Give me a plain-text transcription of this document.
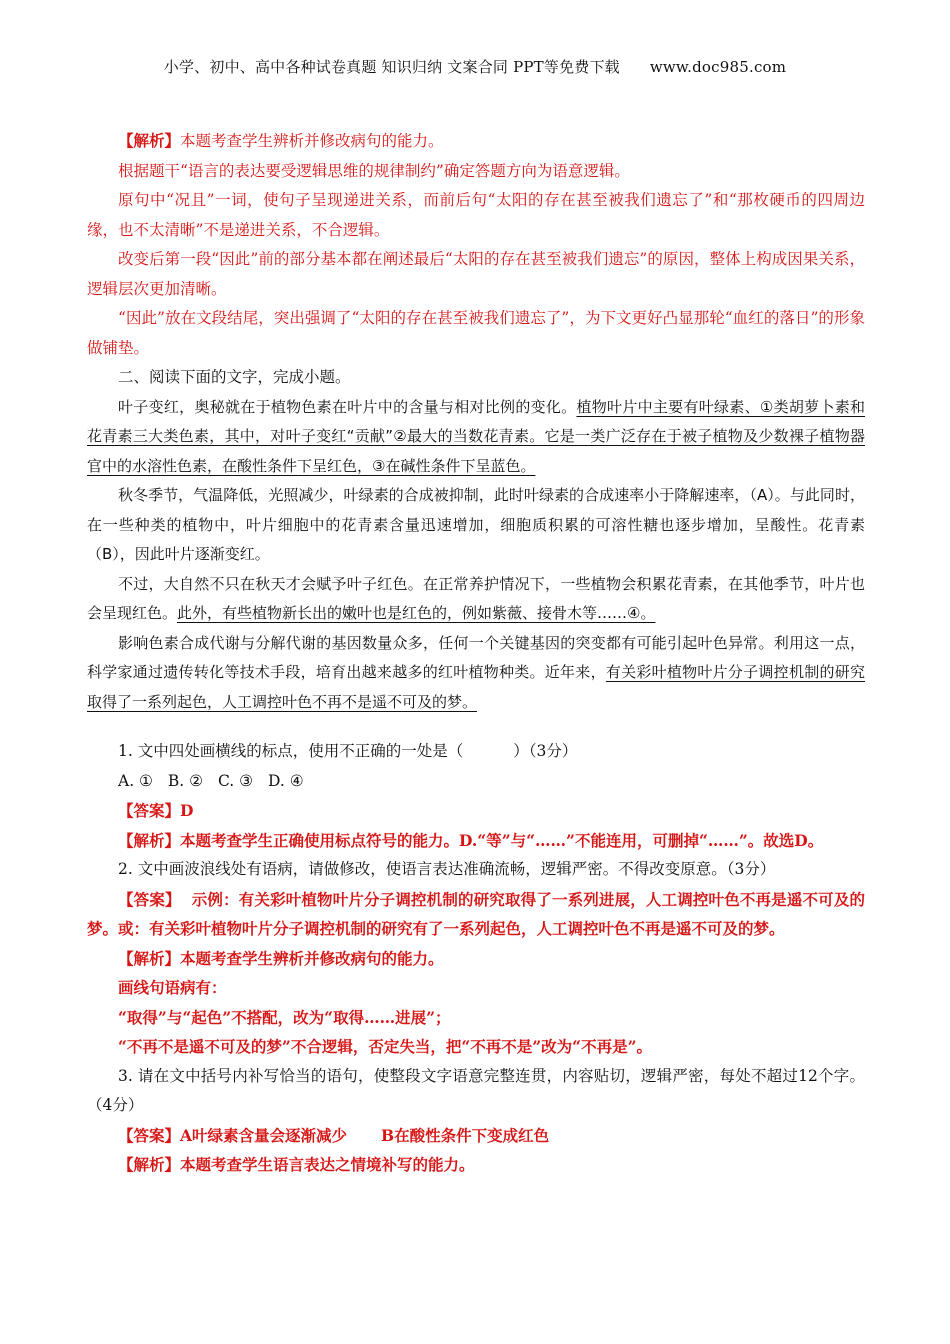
小学、初中、高中各种试卷真题 知识归纳 文案合同 PPT等免费下载 www.doc985.com

【解析】本题考查学生辨析并修改病句的能力。

根据题干“语言的表达要受逻辑思维的规律制约”确定答题方向为语意逻辑。

原句中“况且”一词，使句子呈现递进关系，而前后句“太阳的存在甚至被我们遗忘了”和“那枚硬币的四周边缘，也不太清晰”不是递进关系，不合逻辑。

改变后第一段“因此”前的部分基本都在阐述最后“太阳的存在甚至被我们遗忘”的原因，整体上构成因果关系，逻辑层次更加清晰。

“因此”放在文段结尾，突出强调了“太阳的存在甚至被我们遗忘了”，为下文更好凸显那轮“血红的落日”的形象做铺垫。

二、阅读下面的文字，完成小题。

叶子变红，奥秘就在于植物色素在叶片中的含量与相对比例的变化。植物叶片中主要有叶绿素、①类胡萝卜素和花青素三大类色素，其中，对叶子变红“贡献”②最大的当数花青素。它是一类广泛存在于被子植物及少数裸子植物器官中的水溶性色素，在酸性条件下呈红色，③在碱性条件下呈蓝色。

秋冬季节，气温降低，光照减少，叶绿素的合成被抑制，此时叶绿素的合成速率小于降解速率，（A）。与此同时，在一些种类的植物中，叶片细胞中的花青素含量迅速增加，细胞质积累的可溶性糖也逐步增加，呈酸性。花青素（B），因此叶片逐渐变红。

不过，大自然不只在秋天才会赋予叶子红色。在正常养护情况下，一些植物会积累花青素，在其他季节，叶片也会呈现红色。此外，有些植物新长出的嫩叶也是红色的，例如紫薇、接骨木等……④。

影响色素合成代谢与分解代谢的基因数量众多，任何一个关键基因的突变都有可能引起叶色异常。利用这一点，科学家通过遗传转化等技术手段，培育出越来越多的红叶植物种类。近年来，有关彩叶植物叶片分子调控机制的研究取得了一系列起色，人工调控叶色不再不是遥不可及的梦。

1. 文中四处画横线的标点，使用不正确的一处是（	）（3分）

A. ① B. ② C. ③ D. ④

【答案】D

【解析】本题考查学生正确使用标点符号的能力。D.“等”与“……”不能连用，可删掉“……”。故选D。

2. 文中画波浪线处有语病，请做修改，使语言表达准确流畅，逻辑严密。不得改变原意。（3分）

【答案】 示例：有关彩叶植物叶片分子调控机制的研究取得了一系列进展，人工调控叶色不再是遥不可及的梦。或：有关彩叶植物叶片分子调控机制的研究有了一系列起色，人工调控叶色不再是遥不可及的梦。

【解析】本题考查学生辨析并修改病句的能力。

画线句语病有：

“取得”与“起色”不搭配，改为“取得……进展”；

“不再不是遥不可及的梦”不合逻辑，否定失当，把“不再不是”改为“不再是”。

3. 请在文中括号内补写恰当的语句，使整段文字语意完整连贯，内容贴切，逻辑严密，每处不超过12个字。（4分）

【答案】A叶绿素含量会逐渐减少 B在酸性条件下变成红色

【解析】本题考查学生语言表达之情境补写的能力。
